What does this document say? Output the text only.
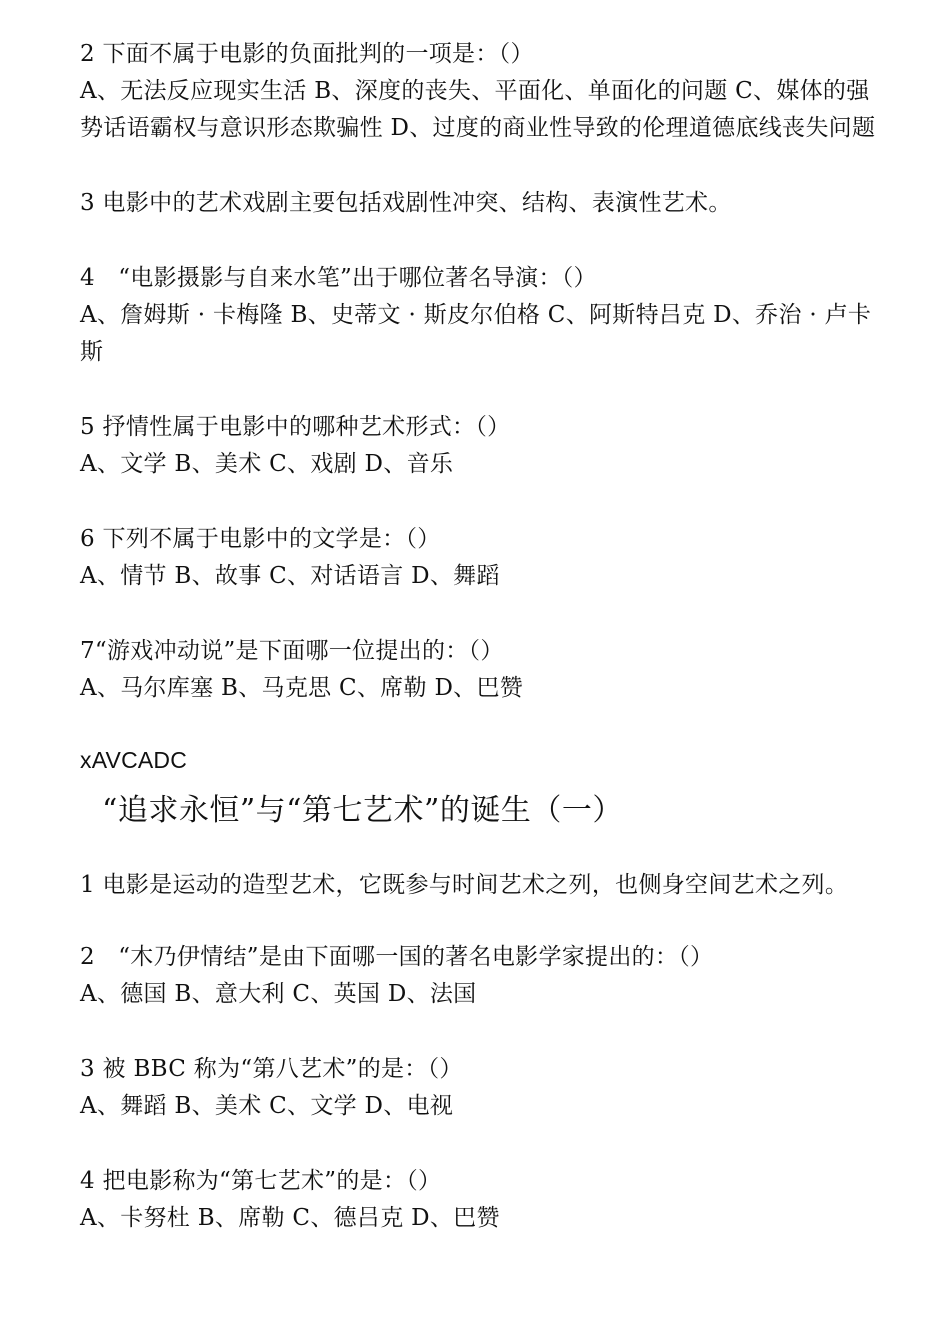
2 下面不属于电影的负面批判的一项是：（）

A、无法反应现实生活 B、深度的丧失、平面化、单面化的问题 C、媒体的强势话语霸权与意识形态欺骗性 D、过度的商业性导致的伦理道德底线丧失问题

3 电影中的艺术戏剧主要包括戏剧性冲突、结构、表演性艺术。

4　“电影摄影与自来水笔”出于哪位著名导演：（）

A、詹姆斯 · 卡梅隆 B、史蒂文 · 斯皮尔伯格 C、阿斯特吕克 D、乔治 · 卢卡斯

5 抒情性属于电影中的哪种艺术形式：（）

A、文学 B、美术 C、戏剧 D、音乐

6 下列不属于电影中的文学是：（）

A、情节 B、故事 C、对话语言 D、舞蹈

7“游戏冲动说”是下面哪一位提出的：（）

A、马尔库塞 B、马克思 C、席勒 D、巴赞

xAVCADC
“追求永恒”与“第七艺术”的诞生（一）

1 电影是运动的造型艺术，它既参与时间艺术之列，也侧身空间艺术之列。

2　“木乃伊情结”是由下面哪一国的著名电影学家提出的：（）

A、德国 B、意大利 C、英国 D、法国

3 被 BBC 称为“第八艺术”的是：（）

A、舞蹈 B、美术 C、文学 D、电视

4 把电影称为“第七艺术”的是：（）

A、卡努杜 B、席勒 C、德吕克 D、巴赞
